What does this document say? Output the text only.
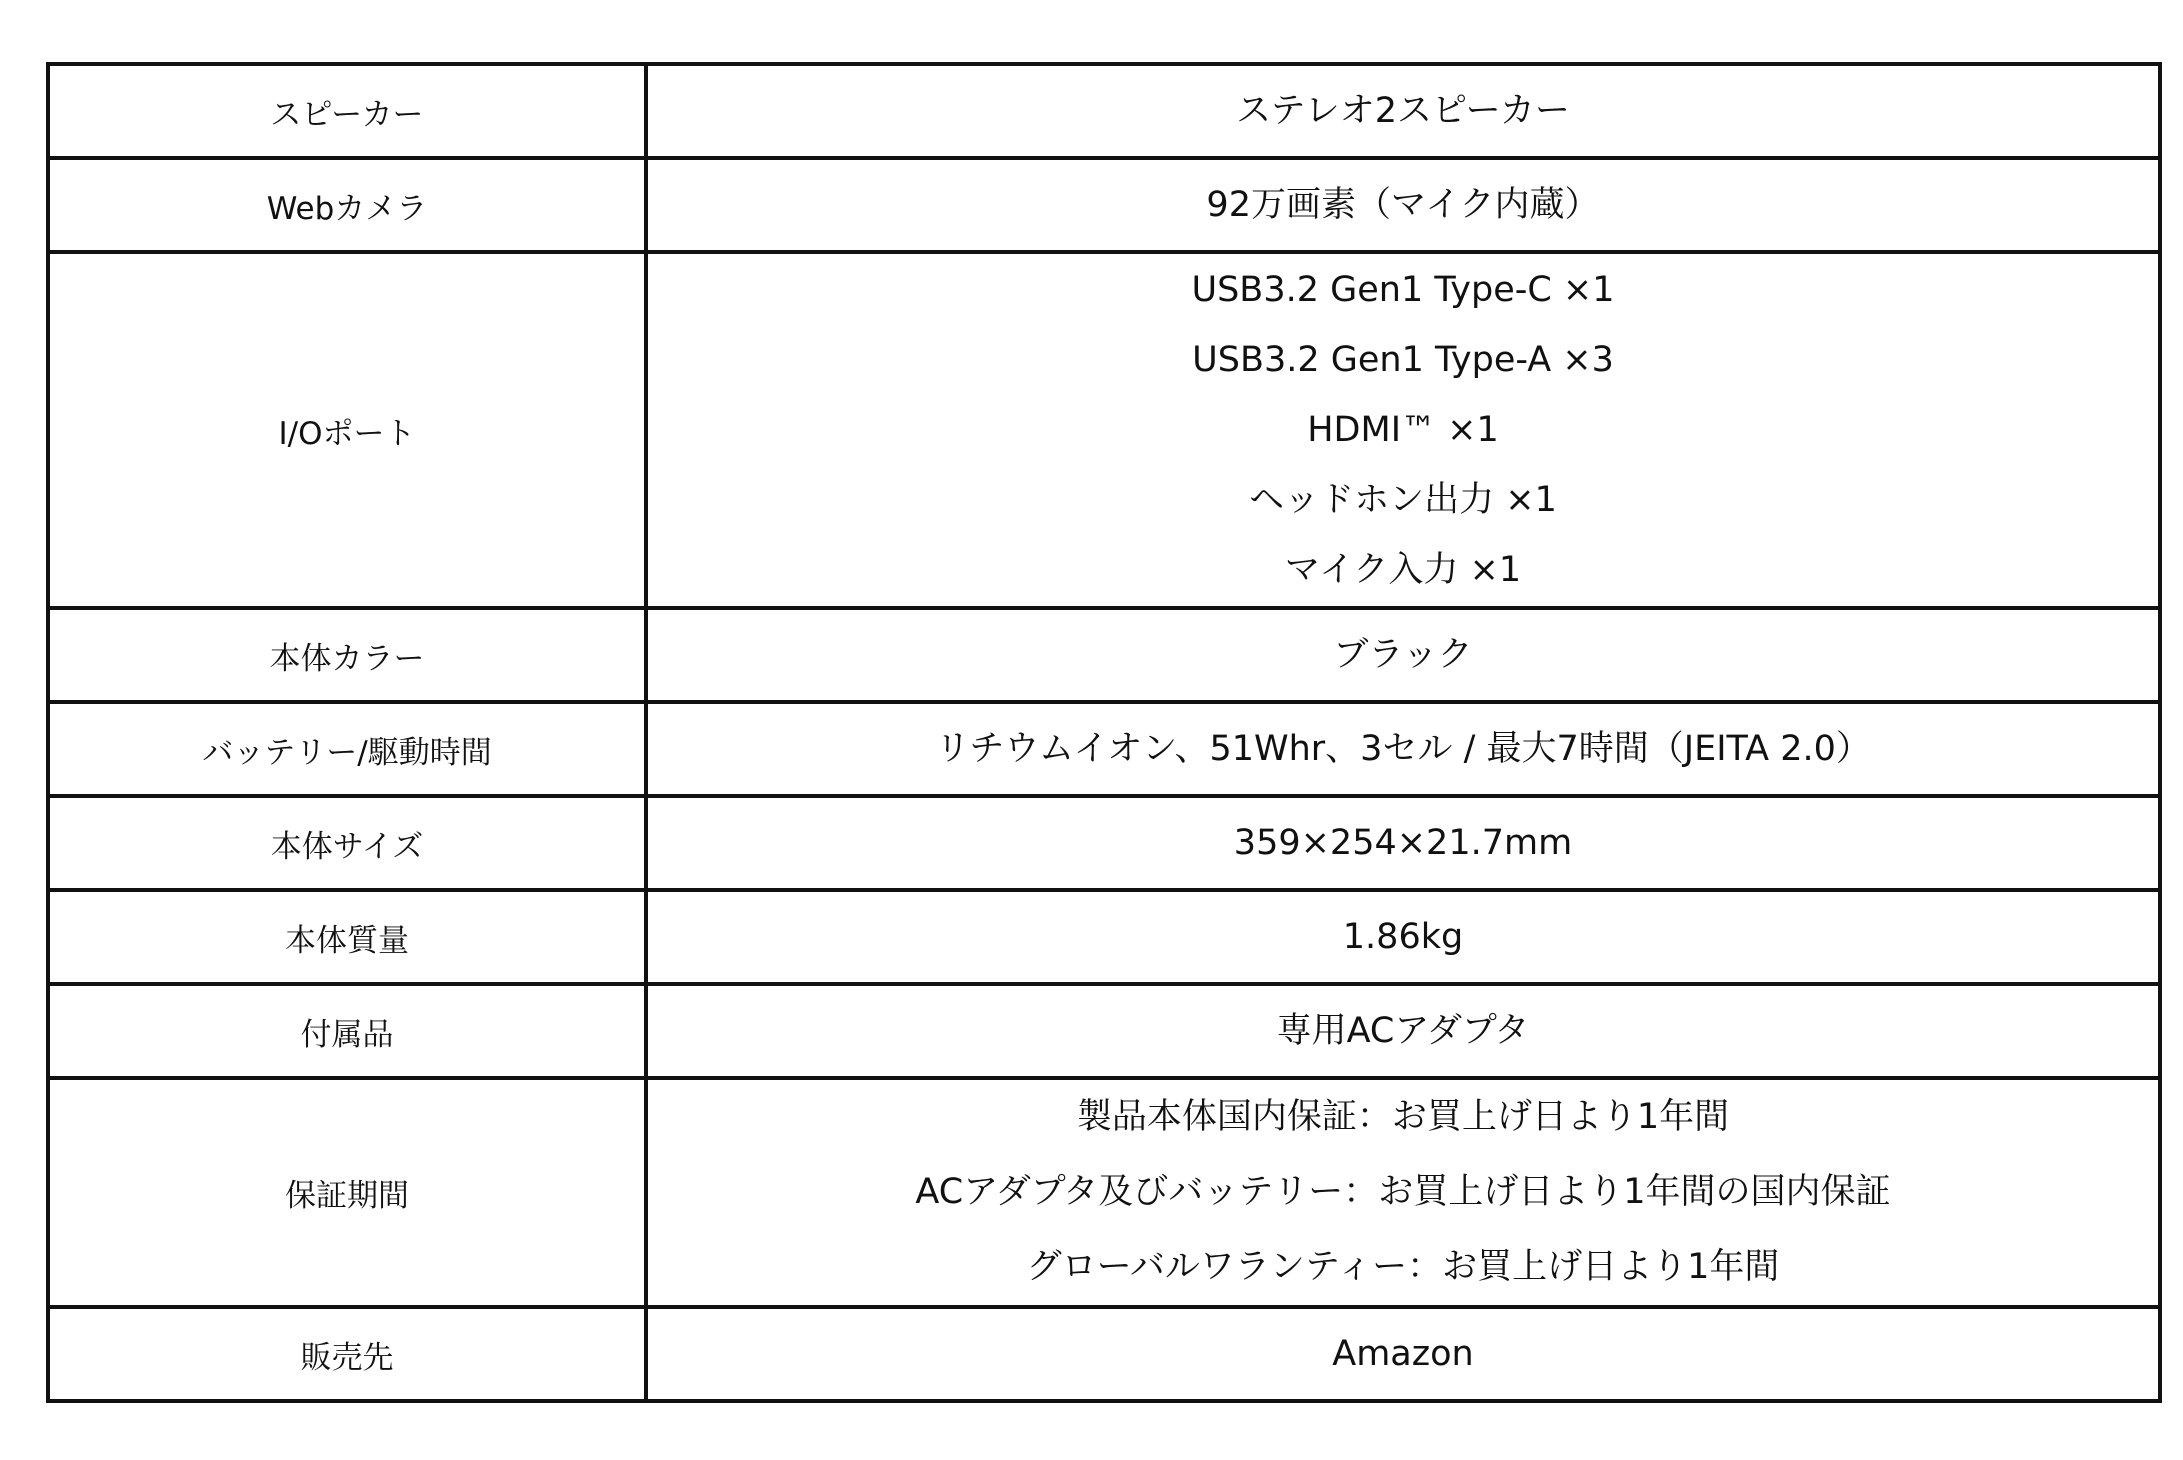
スピーカー	ステレオ2スピーカー

Webカメラ	92万画素（マイク内蔵）

I/Oポート	USB3.2 Gen1 Type-C ×1
USB3.2 Gen1 Type-A ×3
HDMI™ ×1
ヘッドホン出力 ×1
マイク入力 ×1

本体カラー	ブラック

バッテリー/駆動時間	リチウムイオン、51Whr、3セル / 最大7時間（JEITA 2.0）

本体サイズ	359×254×21.7mm

本体質量	1.86kg

付属品	専用ACアダプタ

保証期間	製品本体国内保証：お買上げ日より1年間
ACアダプタ及びバッテリー：お買上げ日より1年間の国内保証
グローバルワランティー：お買上げ日より1年間

販売先	Amazon
